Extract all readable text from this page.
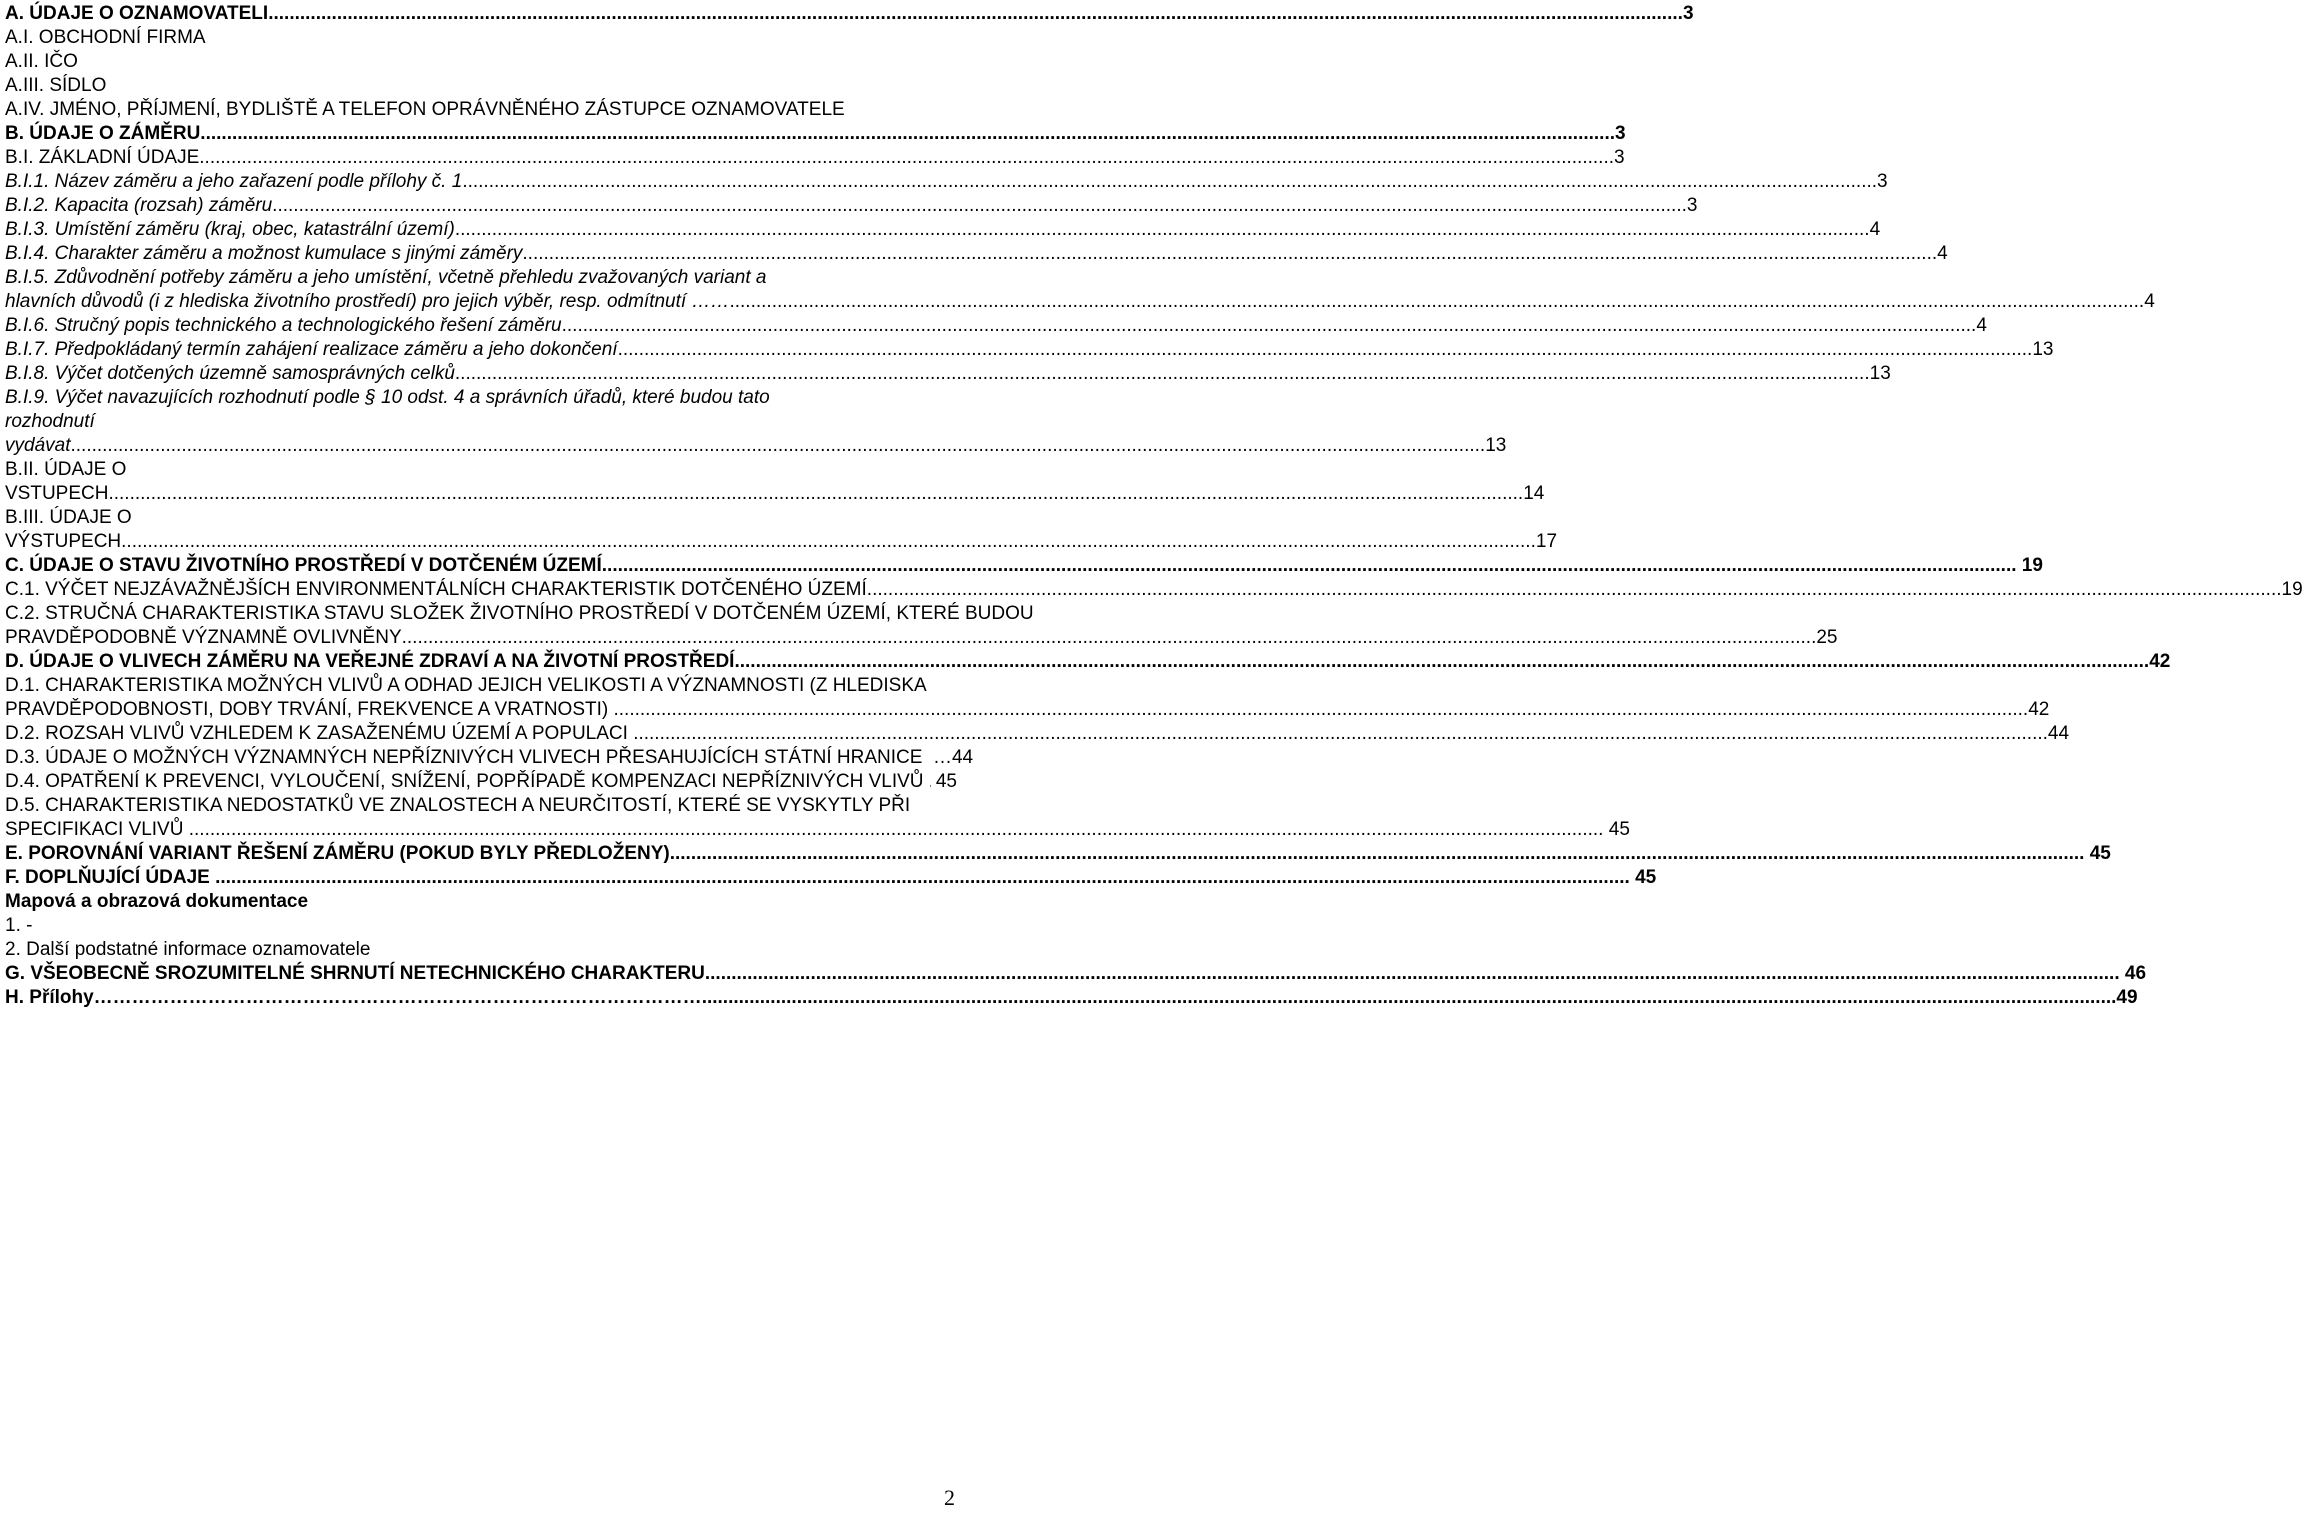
A. ÚDAJE O OZNAMOVATELI .....	3
A.I. OBCHODNÍ FIRMA
A.II. IČO
A.III. SÍDLO
A.IV. JMÉNO, PŘÍJMENÍ, BYDLIŠTĚ A TELEFON OPRÁVNĚNÉHO ZÁSTUPCE OZNAMOVATELE
B. ÚDAJE O ZÁMĚRU .....	3
B.I. ZÁKLADNÍ ÚDAJE .....	3
B.I.1. Název záměru a jeho zařazení podle přílohy č. 1 .....	3
B.I.2. Kapacita (rozsah) záměru .....	3
B.I.3. Umístění záměru (kraj, obec, katastrální území) .....	4
B.I.4. Charakter záměru a možnost kumulace s jinými záměry .....	4
B.I.5. Zdůvodnění potřeby záměru a jeho umístění, včetně přehledu zvažovaných variant a
hlavních důvodů (i z hlediska životního prostředí) pro jejich výběr, resp. odmítnutí …… .....	4
B.I.6. Stručný popis technického a technologického řešení záměru .....	4
B.I.7. Předpokládaný termín zahájení realizace záměru a jeho dokončení .....	13
B.I.8. Výčet dotčených územně samosprávných celků .....	13
B.I.9. Výčet navazujících rozhodnutí podle § 10 odst. 4 a správních úřadů, které budou tato
rozhodnutí
vydávat .....	13
B.II. ÚDAJE O
VSTUPECH .....	14
B.III. ÚDAJE O
VÝSTUPECH .....	17
C. ÚDAJE O STAVU ŽIVOTNÍHO PROSTŘEDÍ V DOTČENÉM ÚZEMÍ .....	19
C.1. VÝČET NEJZÁVAŽNĚJŠÍCH ENVIRONMENTÁLNÍCH CHARAKTERISTIK DOTČENÉHO ÚZEMÍ .....	19
C.2. STRUČNÁ CHARAKTERISTIKA STAVU SLOŽEK ŽIVOTNÍHO PROSTŘEDÍ V DOTČENÉM ÚZEMÍ, KTERÉ BUDOU
PRAVDĚPODOBNĚ VÝZNAMNĚ OVLIVNĚNY .....	25
D. ÚDAJE O VLIVECH ZÁMĚRU NA VEŘEJNÉ ZDRAVÍ A NA ŽIVOTNÍ PROSTŘEDÍ .....	42
D.1. CHARAKTERISTIKA MOŽNÝCH VLIVŮ A ODHAD JEJICH VELIKOSTI A VÝZNAMNOSTI (Z HLEDISKA
PRAVDĚPODOBNOSTI, DOBY TRVÁNÍ, FREKVENCE A VRATNOSTI) .....	42
D.2. ROZSAH VLIVŮ VZHLEDEM K ZASAŽENÉMU ÚZEMÍ A POPULACI .....	44
D.3. ÚDAJE O MOŽNÝCH VÝZNAMNÝCH NEPŘÍZNIVÝCH VLIVECH PŘESAHUJÍCÍCH STÁTNÍ HRANICE …44
D.4. OPATŘENÍ K PREVENCI, VYLOUČENÍ, SNÍŽENÍ, POPŘÍPADĚ KOMPENZACI NEPŘÍZNIVÝCH VLIVŮ ..... 45
D.5. CHARAKTERISTIKA NEDOSTATKŮ VE ZNALOSTECH A NEURČITOSTÍ, KTERÉ SE VYSKYTLY PŘI
SPECIFIKACI VLIVŮ .....	45
E. POROVNÁNÍ VARIANT ŘEŠENÍ ZÁMĚRU (POKUD BYLY PŘEDLOŽENY) .....	45
F. DOPLŇUJÍCÍ ÚDAJE .....	45
Mapová a obrazová dokumentace
1. -
2. Další podstatné informace oznamovatele
G. VŠEOBECNĚ SROZUMITELNÉ SHRNUTÍ NETECHNICKÉHO CHARAKTERU .....	46
H. Přílohy…………………………………………………………………………………… .....	49
2
